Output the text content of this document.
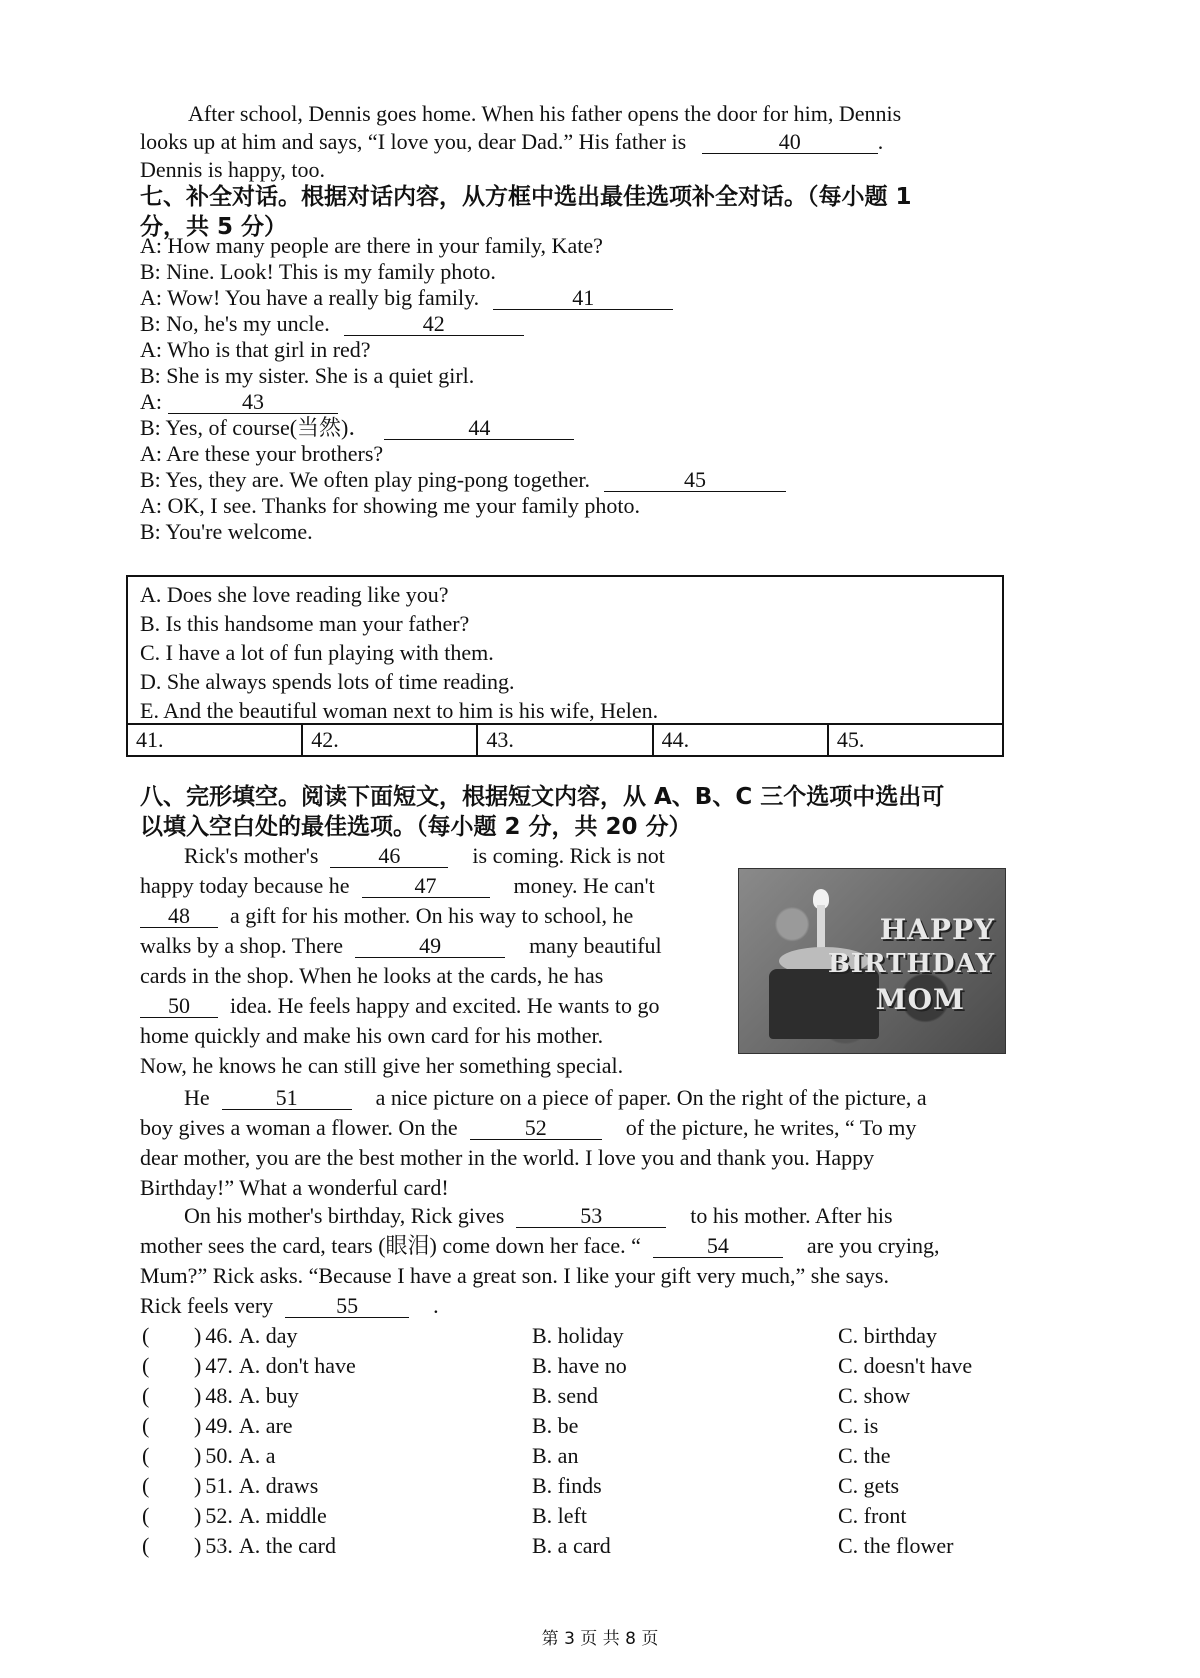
After school, Dennis goes home. When his father opens the door for him, Dennis
looks up at him and says, “I love you, dear Dad.” His father is	40	.
Dennis is happy, too.
七、补全对话。根据对话内容，从方框中选出最佳选项补全对话。（每小题 1
分，共 5 分）
A: How many people are there in your family, Kate?
B: Nine. Look! This is my family photo.
A: Wow! You have a really big family.	41
B: No, he's my uncle.	42
A: Who is that girl in red?
B: She is my sister. She is a quiet girl.
A:	43
B: Yes, of course(当然)．	44
A: Are these your brothers?
B: Yes, they are. We often play ping-pong together.	45
A: OK, I see. Thanks for showing me your family photo.
B: You're welcome.
A. Does she love reading like you?
B. Is this handsome man your father?
C. I have a lot of fun playing with them.
D. She always spends lots of time reading.
E. And the beautiful woman next to him is his wife, Helen.
41.	42.	43.	44.	45.
八、完形填空。阅读下面短文，根据短文内容，从 A、B、C 三个选项中选出可
以填入空白处的最佳选项。（每小题 2 分，共 20 分）
HAPPY
BIRTHDAY
MOM
Rick's mother's	46	is coming. Rick is not
happy today because he	47	money. He can't
48 a gift for his mother. On his way to school, he
walks by a shop. There	49	many beautiful
cards in the shop. When he looks at the cards, he has
50 idea. He feels happy and excited. He wants to go
home quickly and make his own card for his mother.
Now, he knows he can still give her something special.
He	51	a nice picture on a piece of paper. On the right of the picture, a
boy gives a woman a flower. On the	52	of the picture, he writes, “ To my
dear mother, you are the best mother in the world. I love you and thank you. Happy
Birthday!” What a wonderful card!
On his mother's birthday, Rick gives	53	to his mother. After his
mother sees the card, tears (眼泪) come down her face. “	54	are you crying,
Mum?” Rick asks. “Because I have a great son. I like your gift very much,” she says.
Rick feels very	55	.
( ) 46. A. day	B. holiday	C. birthday
( ) 47. A. don't have	B. have no	C. doesn't have
( ) 48. A. buy	B. send	C. show
( ) 49. A. are	B. be	C. is
( ) 50. A. a	B. an	C. the
( ) 51. A. draws	B. finds	C. gets
( ) 52. A. middle	B. left	C. front
( ) 53. A. the card	B. a card	C. the flower
第 3 页 共 8 页
